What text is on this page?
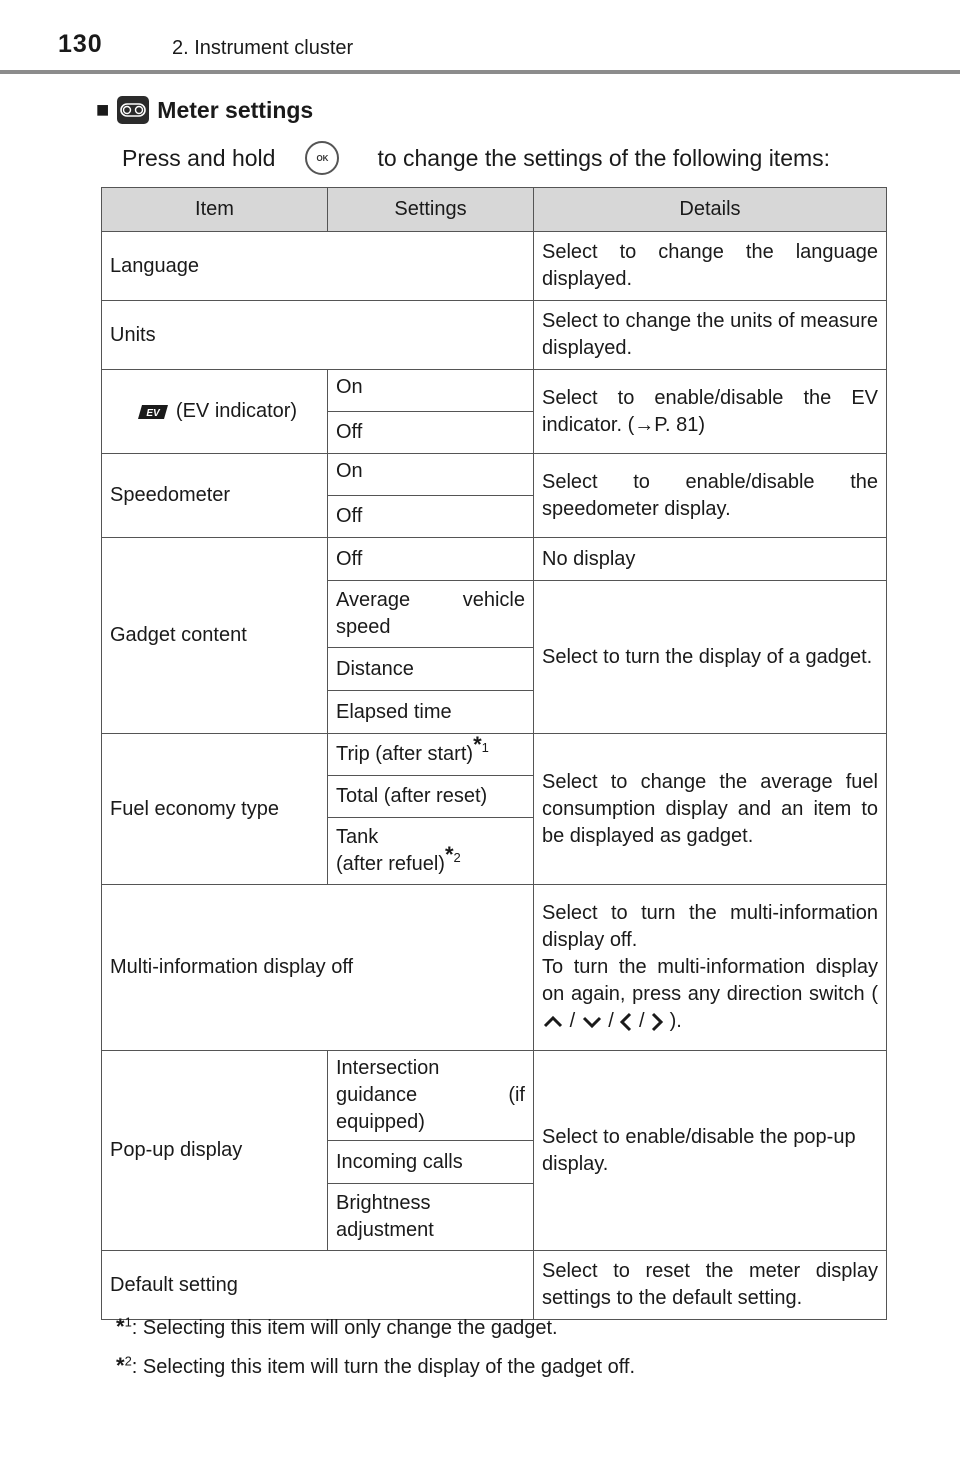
130	2. Instrument cluster
■ Meter settings
Press and hold	OK to change the settings of the following items:
Item	Settings	Details
Language		Select to change the language displayed.
Units		Select to change the units of measure displayed.

EV (EV indicator)	On	Select to enable/disable the EV indicator. (→P. 81)
	Off	
Speedometer	On	Select to enable/disable the speedometer display.
	Off	
Gadget content	Off	No display
	Average vehicle speed	Select to turn the display of a gadget.
	Distance	
	Elapsed time	
Fuel economy type	Trip (after start)$^{*1}$	Select to change the average fuel consumption display and an item to be displayed as gadget.
	Total (after reset)	
	Tank
(after refuel)$^{*2}$
Multi-information display off		Select to turn the multi-information display off.
To turn the multi-information display on again, press any direction switch (  / / / ).
Pop-up display	Intersection guidance (if equipped)	Select to enable/disable the pop-up display.
	Incoming calls	
	Brightness adjustment	
Default setting		Select to reset the meter display settings to the default setting.
*$^1$: Selecting this item will only change the gadget.
*$^2$: Selecting this item will turn the display of the gadget off.
